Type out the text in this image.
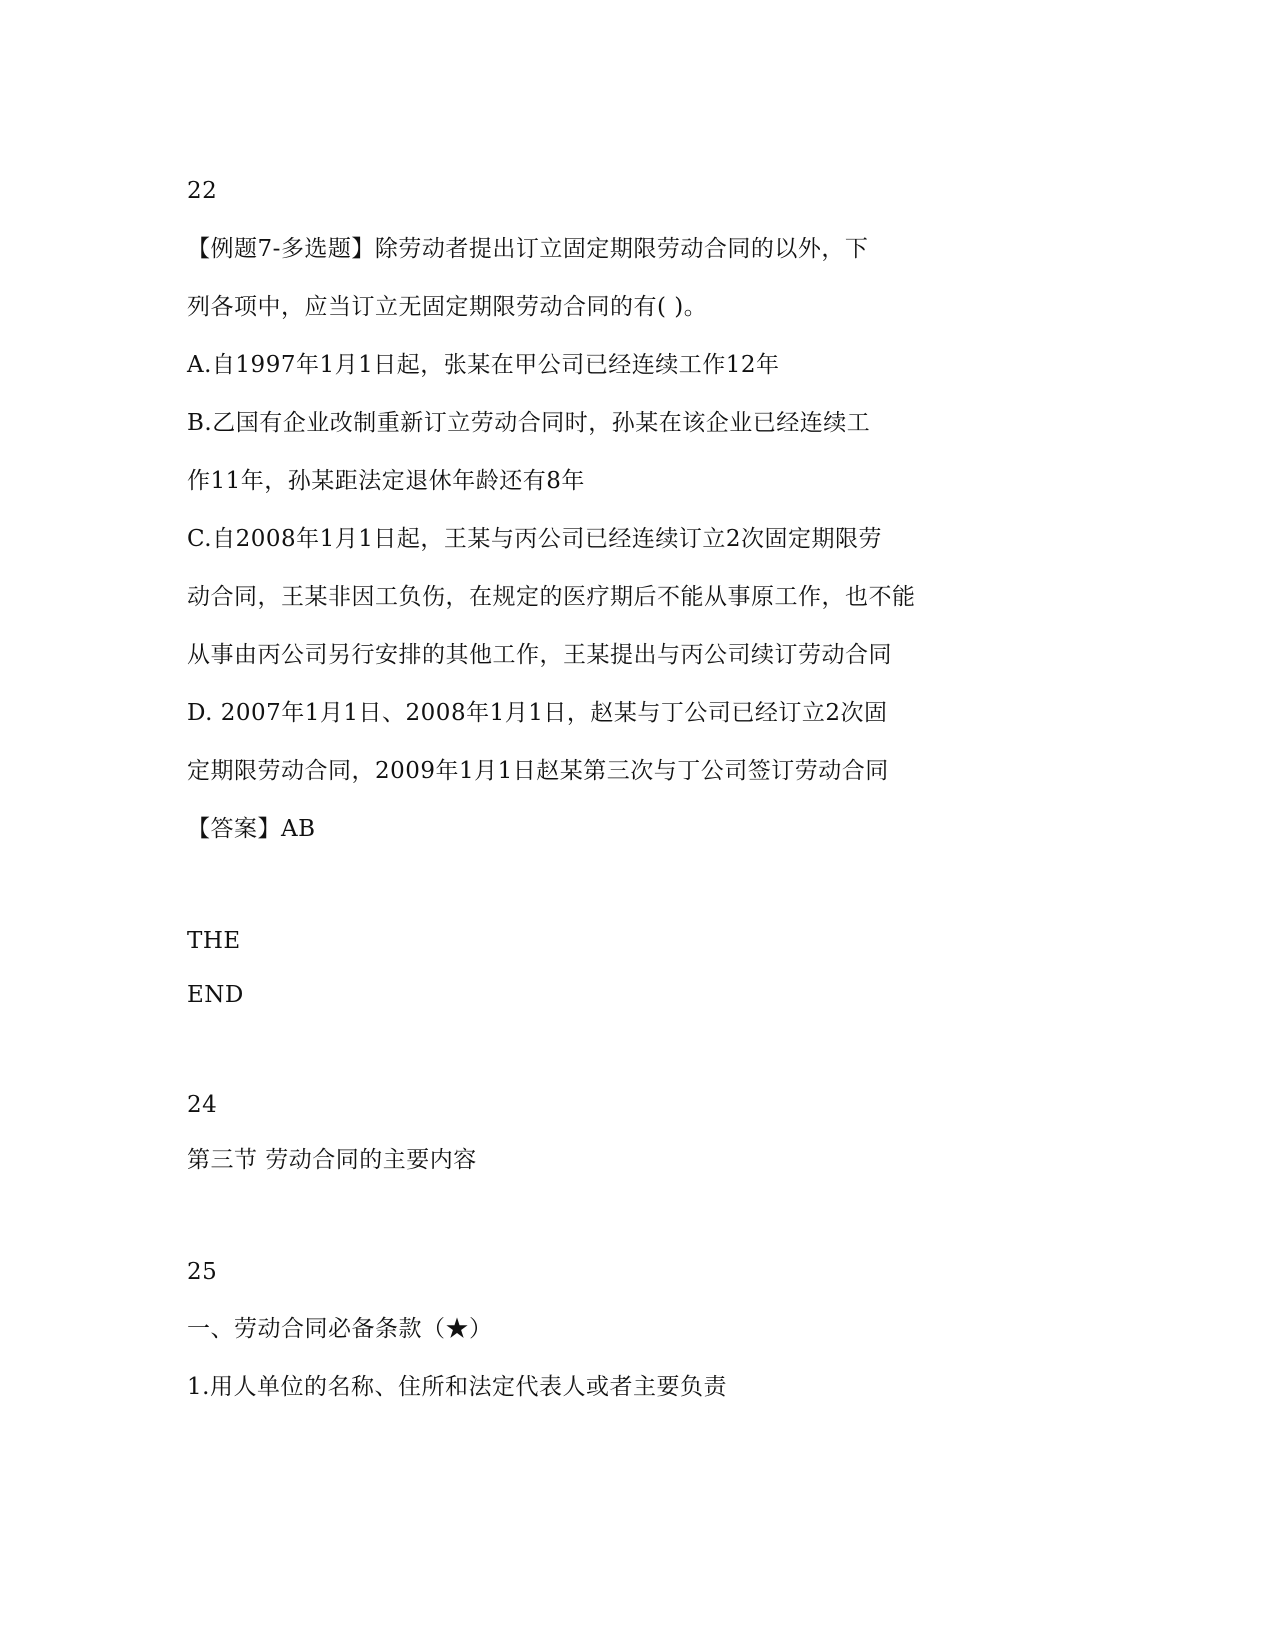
22
【例题7-多选题】除劳动者提出订立固定期限劳动合同的以外，下
列各项中，应当订立无固定期限劳动合同的有( )。
A.自1997年1月1日起，张某在甲公司已经连续工作12年
B.乙国有企业改制重新订立劳动合同时，孙某在该企业已经连续工
作11年，孙某距法定退休年龄还有8年
C.自2008年1月1日起，王某与丙公司已经连续订立2次固定期限劳
动合同，王某非因工负伤，在规定的医疗期后不能从事原工作，也不能
从事由丙公司另行安排的其他工作，王某提出与丙公司续订劳动合同
D. 2007年1月1日、2008年1月1日，赵某与丁公司已经订立2次固
定期限劳动合同，2009年1月1日赵某第三次与丁公司签订劳动合同
【答案】AB
THE
END
24
第三节 劳动合同的主要内容
25
一、劳动合同必备条款（★）
1.用人单位的名称、住所和法定代表人或者主要负责
